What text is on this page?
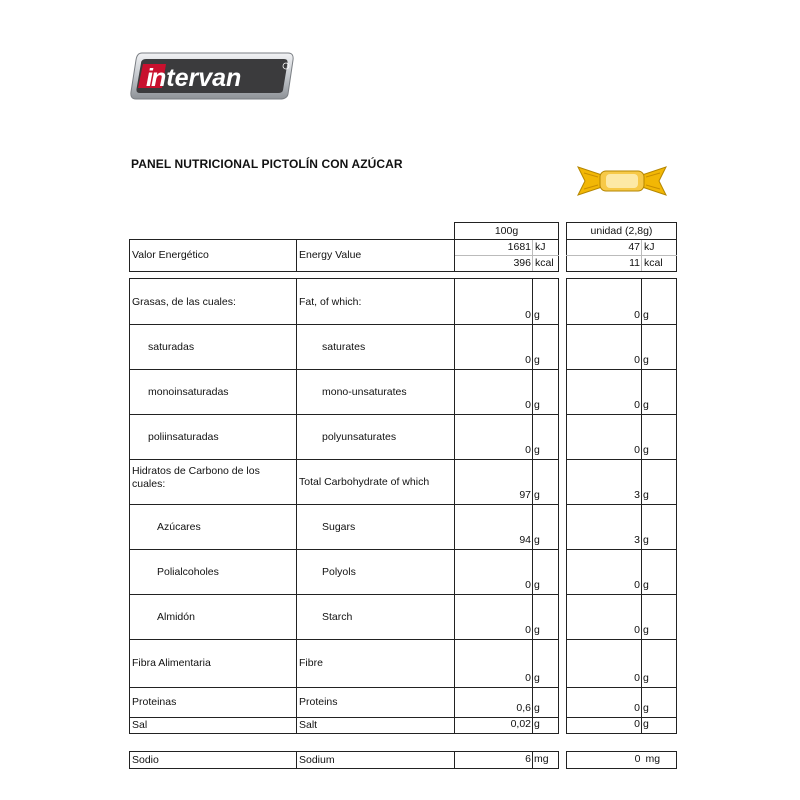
ntervan
i
PANEL NUTRICIONAL PICTOLÍN CON AZÚCAR
		100g			unidad (2,8g)	
Valor Energético	Energy Value	1681	kJ		47	kJ
		396	kcal		11	kcal

Grasas, de las cuales:	Fat, of which:	0	g		0	g
saturadas	saturates	0	g		0	g
monoinsaturadas	mono-unsaturates	0	g		0	g
poliinsaturadas	polyunsaturates	0	g		0	g
Hidratos de Carbono de los cuales:	Total Carbohydrate of which	97	g		3	g
Azúcares	Sugars	94	g		3	g
Polialcoholes	Polyols	0	g		0	g
Almidón	Starch	0	g		0	g
Fibra Alimentaria	Fibre	0	g		0	g
Proteinas	Proteins	0,6	g		0	g
Sal	Salt	0,02	g		0	g

Sodio	Sodium	6	mg		0	mg
